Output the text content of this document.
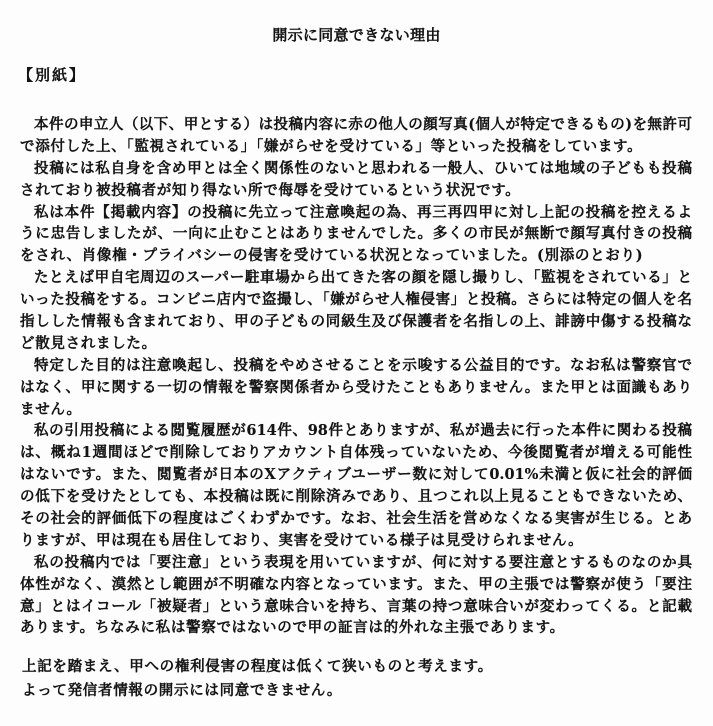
開示に同意できない理由
【別紙】
本件の申立人（以下、甲とする）は投稿内容に赤の他人の顔写真(個人が特定できるもの)を無許可
で添付した上、「監視されている」「嫌がらせを受けている」等といった投稿をしています。
投稿には私自身を含め甲とは全く関係性のないと思われる一般人、ひいては地域の子どもも投稿
されており被投稿者が知り得ない所で侮辱を受けているという状況です。
私は本件【掲載内容】の投稿に先立って注意喚起の為、再三再四甲に対し上記の投稿を控えるよ
うに忠告しましたが、一向に止むことはありませんでした。多くの市民が無断で顔写真付きの投稿
をされ、肖像権・プライバシーの侵害を受けている状況となっていました。(別添のとおり)
たとえば甲自宅周辺のスーパー駐車場から出てきた客の顔を隠し撮りし、「監視をされている」と
いった投稿をする。コンビニ店内で盗撮し、「嫌がらせ人権侵害」と投稿。さらには特定の個人を名
指しした情報も含まれており、甲の子どもの同級生及び保護者を名指しの上、誹謗中傷する投稿な
ど散見されました。
特定した目的は注意喚起し、投稿をやめさせることを示唆する公益目的です。なお私は警察官で
はなく、甲に関する一切の情報を警察関係者から受けたこともありません。また甲とは面識もあり
ません。
私の引用投稿による閲覧履歴が614件、98件とありますが、私が過去に行った本件に関わる投稿
は、概ね1週間ほどで削除しておりアカウント自体残っていないため、今後閲覧者が増える可能性
はないです。また、閲覧者が日本のXアクティブユーザー数に対して0.01%未満と仮に社会的評価
の低下を受けたとしても、本投稿は既に削除済みであり、且つこれ以上見ることもできないため、
その社会的評価低下の程度はごくわずかです。なお、社会生活を営めなくなる実害が生じる。とあ
りますが、甲は現在も居住しており、実害を受けている様子は見受けられません。
私の投稿内では「要注意」という表現を用いていますが、何に対する要注意とするものなのか具
体性がなく、漠然とし範囲が不明確な内容となっています。また、甲の主張では警察が使う「要注
意」とはイコール「被疑者」という意味合いを持ち、言葉の持つ意味合いが変わってくる。と記載
あります。ちなみに私は警察ではないので甲の証言は的外れな主張であります。
上記を踏まえ、甲への権利侵害の程度は低くて狭いものと考えます。
よって発信者情報の開示には同意できません。
